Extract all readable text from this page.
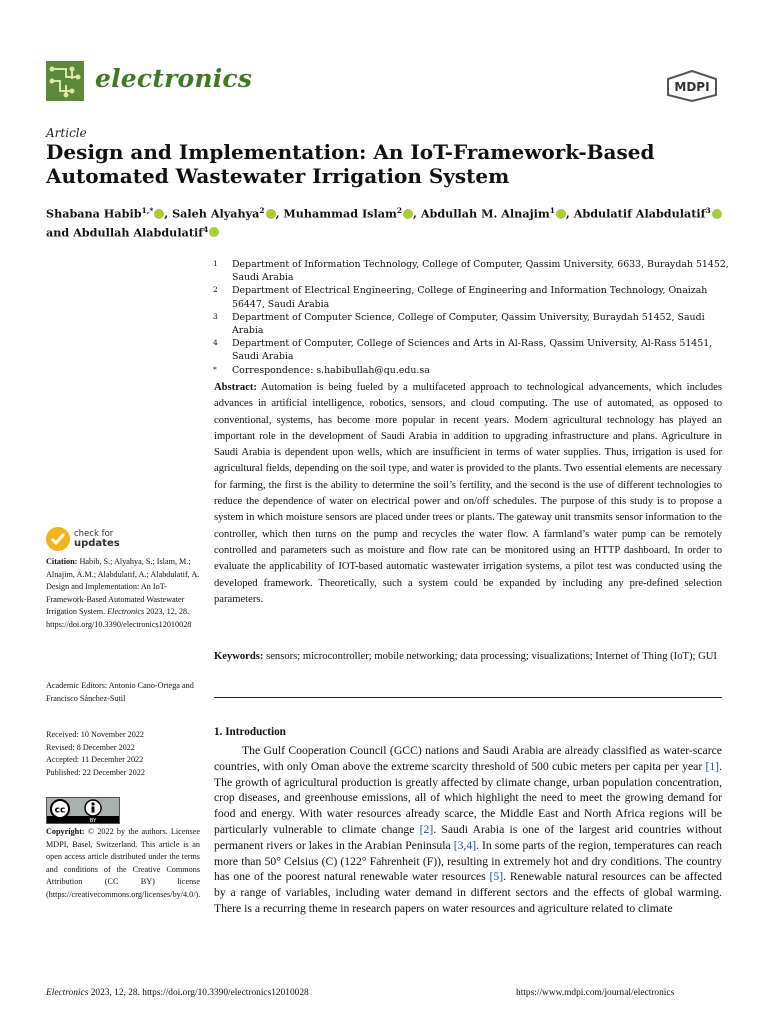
electronics	MDPI
Article
Design and Implementation: An IoT-Framework-Based Automated Wastewater Irrigation System
Shabana Habib$^{1,*}$ , Saleh Alyahya$^2$ , Muhammad Islam$^2$ , Abdullah M. Alnajim$^1$ , Abdulatif Alabdulatif$^3$
and Abdullah Alabdulatif$^4$
1	Department of Information Technology, College of Computer, Qassim University, 6633, Buraydah 51452, Saudi Arabia
2	Department of Electrical Engineering, College of Engineering and Information Technology, Onaizah 56447, Saudi Arabia
3	Department of Computer Science, College of Computer, Qassim University, Buraydah 51452, Saudi Arabia
4	Department of Computer, College of Sciences and Arts in Al-Rass, Qassim University, Al-Rass 51451, Saudi Arabia
*	Correspondence: s.habibullah@qu.edu.sa
check for
updates
Citation: Habib, S.; Alyahya, S.; Islam, M.; Alnajim, A.M.; Alabdulatif, A.; Alabdulatif, A. Design and Implementation: An IoT-Framework-Based Automated Wastewater Irrigation System. Electronics 2023, 12, 28. https://doi.org/10.3390/electronics12010028
Academic Editors: Antonio Cano-Ortega and Francisco Sánchez-Sutil
Received: 10 November 2022
Revised: 8 December 2022
Accepted: 11 December 2022
Published: 22 December 2022
cc
BY
Copyright: © 2022 by the authors. Licensee MDPI, Basel, Switzerland. This article is an open access article distributed under the terms and conditions of the Creative Commons Attribution (CC BY) license (https://creativecommons.org/licenses/by/4.0/).
Abstract: Automation is being fueled by a multifaceted approach to technological advancements, which includes advances in artificial intelligence, robotics, sensors, and cloud computing. The use of automated, as opposed to conventional, systems, has become more popular in recent years. Modern agricultural technology has played an important role in the development of Saudi Arabia in addition to upgrading infrastructure and plans. Agriculture in Saudi Arabia is dependent upon wells, which are insufficient in terms of water supplies. Thus, irrigation is used for agricultural fields, depending on the soil type, and water is provided to the plants. Two essential elements are necessary for farming, the first is the ability to determine the soil’s fertility, and the second is the use of different technologies to reduce the dependence of water on electrical power and on/off schedules. The purpose of this study is to propose a system in which moisture sensors are placed under trees or plants. The gateway unit transmits sensor information to the controller, which then turns on the pump and recycles the water flow. A farmland’s water pump can be remotely controlled and parameters such as moisture and flow rate can be monitored using an HTTP dashboard. In order to evaluate the applicability of IOT-based automatic wastewater irrigation systems, a pilot test was conducted using the developed framework. Theoretically, such a system could be expanded by including any pre-defined selection parameters.
Keywords: sensors; microcontroller; mobile networking; data processing; visualizations; Internet of Thing (IoT); GUI
1. Introduction
The Gulf Cooperation Council (GCC) nations and Saudi Arabia are already classified as water-scarce countries, with only Oman above the extreme scarcity threshold of 500 cubic meters per capita per year [1]. The growth of agricultural production is greatly affected by climate change, urban population concentration, crop diseases, and greenhouse emissions, all of which highlight the need to meet the growing demand for food and energy. With water resources already scarce, the Middle East and North Africa regions will be particularly vulnerable to climate change [2]. Saudi Arabia is one of the largest arid countries without permanent rivers or lakes in the Arabian Peninsula [3,4]. In some parts of the region, temperatures can reach more than 50° Celsius (C) (122° Fahrenheit (F)), resulting in extremely hot and dry conditions. The country has one of the poorest natural renewable water resources [5]. Renewable natural resources can be affected by a range of variables, including water demand in different sectors and the effects of global warming. There is a recurring theme in research papers on water resources and agriculture related to climate
Electronics 2023, 12, 28. https://doi.org/10.3390/electronics12010028	https://www.mdpi.com/journal/electronics
